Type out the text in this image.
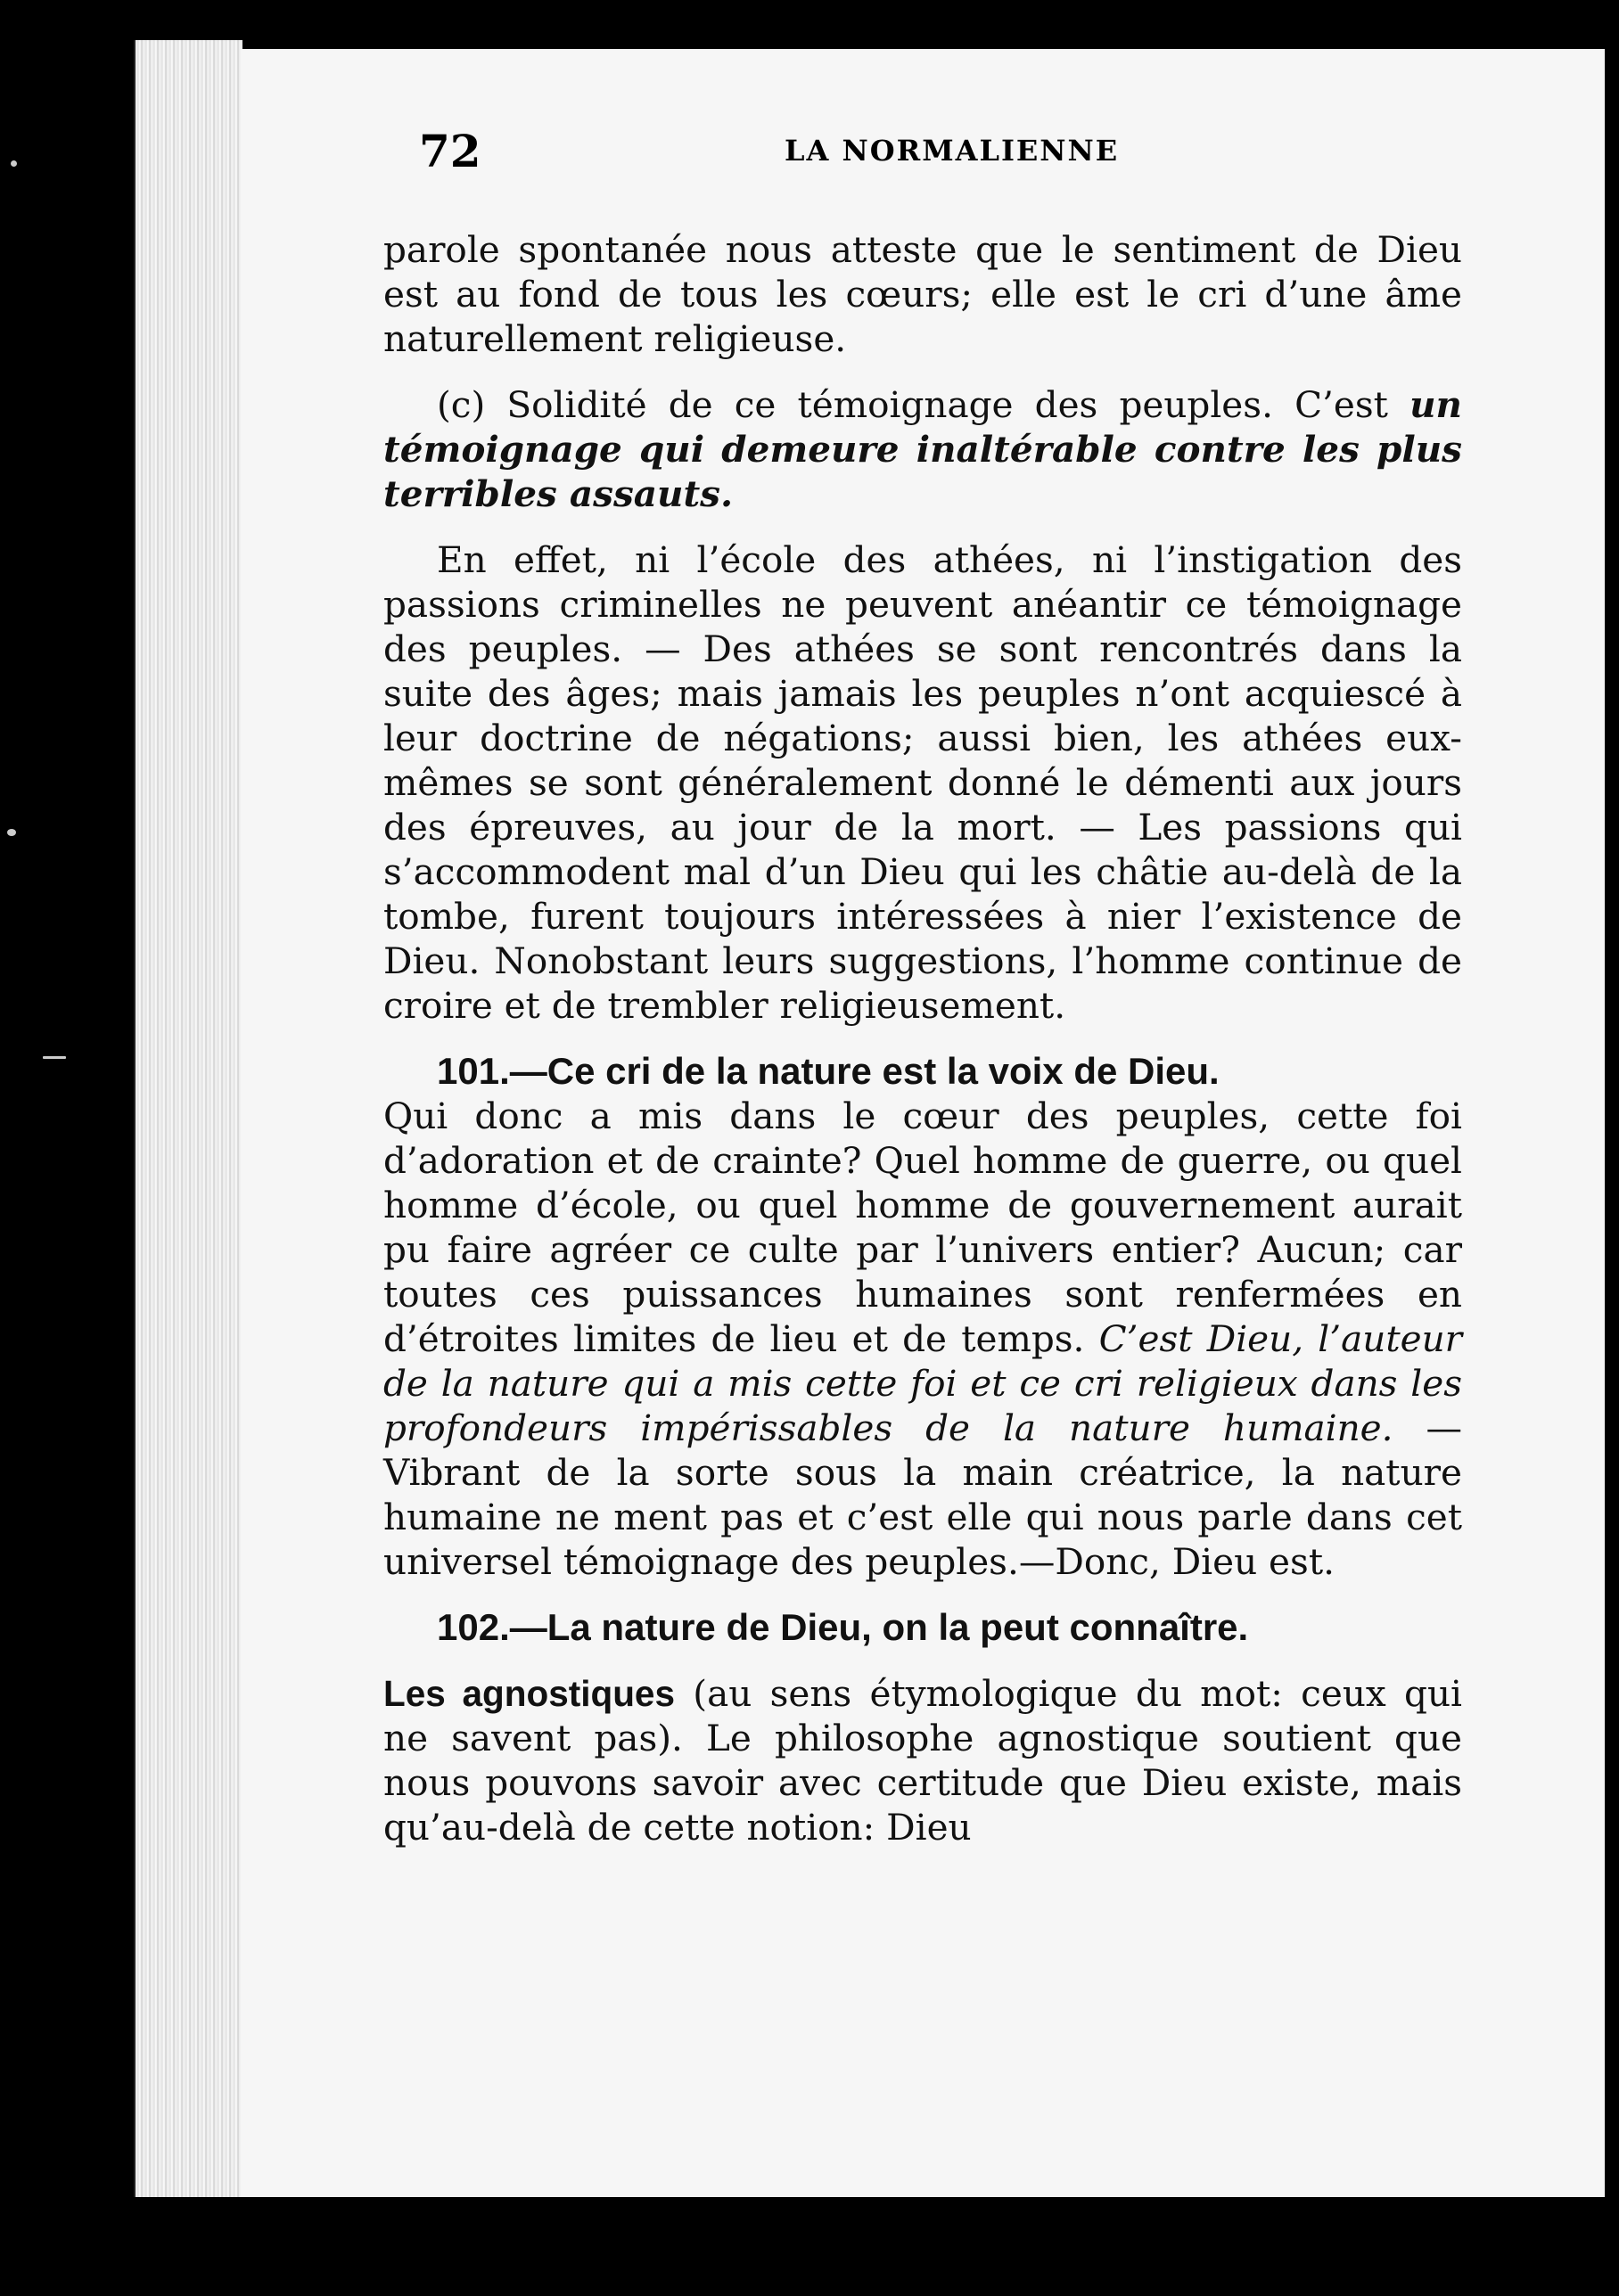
72	LA NORMALIENNE

parole spontanée nous atteste que le sentiment de Dieu est au fond de tous les cœurs; elle est le cri d’une âme naturellement religieuse.

(c) Solidité de ce témoignage des peuples. C’est un témoignage qui demeure inaltérable contre les plus terribles assauts.

En effet, ni l’école des athées, ni l’instigation des passions criminelles ne peuvent anéantir ce témoignage des peuples. — Des athées se sont rencontrés dans la suite des âges; mais jamais les peuples n’ont acquiescé à leur doctrine de négations; aussi bien, les athées eux-mêmes se sont généralement donné le démenti aux jours des épreuves, au jour de la mort. — Les passions qui s’accommodent mal d’un Dieu qui les châtie au-delà de la tombe, furent toujours intéressées à nier l’existence de Dieu. Nonobstant leurs suggestions, l’homme continue de croire et de trembler religieusement.

101.—Ce cri de la nature est la voix de Dieu.
Qui donc a mis dans le cœur des peuples, cette foi d’adoration et de crainte? Quel homme de guerre, ou quel homme d’école, ou quel homme de gouvernement aurait pu faire agréer ce culte par l’univers entier? Aucun; car toutes ces puissances humaines sont renfermées en d’étroites limites de lieu et de temps. C’est Dieu, l’auteur de la nature qui a mis cette foi et ce cri religieux dans les profondeurs impérissables de la nature humaine. — Vibrant de la sorte sous la main créatrice, la nature humaine ne ment pas et c’est elle qui nous parle dans cet universel témoignage des peuples.—Donc, Dieu est.

102.—La nature de Dieu, on la peut connaître.

Les agnostiques (au sens étymologique du mot: ceux qui ne savent pas). Le philosophe agnostique soutient que nous pouvons savoir avec certitude que Dieu existe, mais qu’au-delà de cette notion: Dieu
